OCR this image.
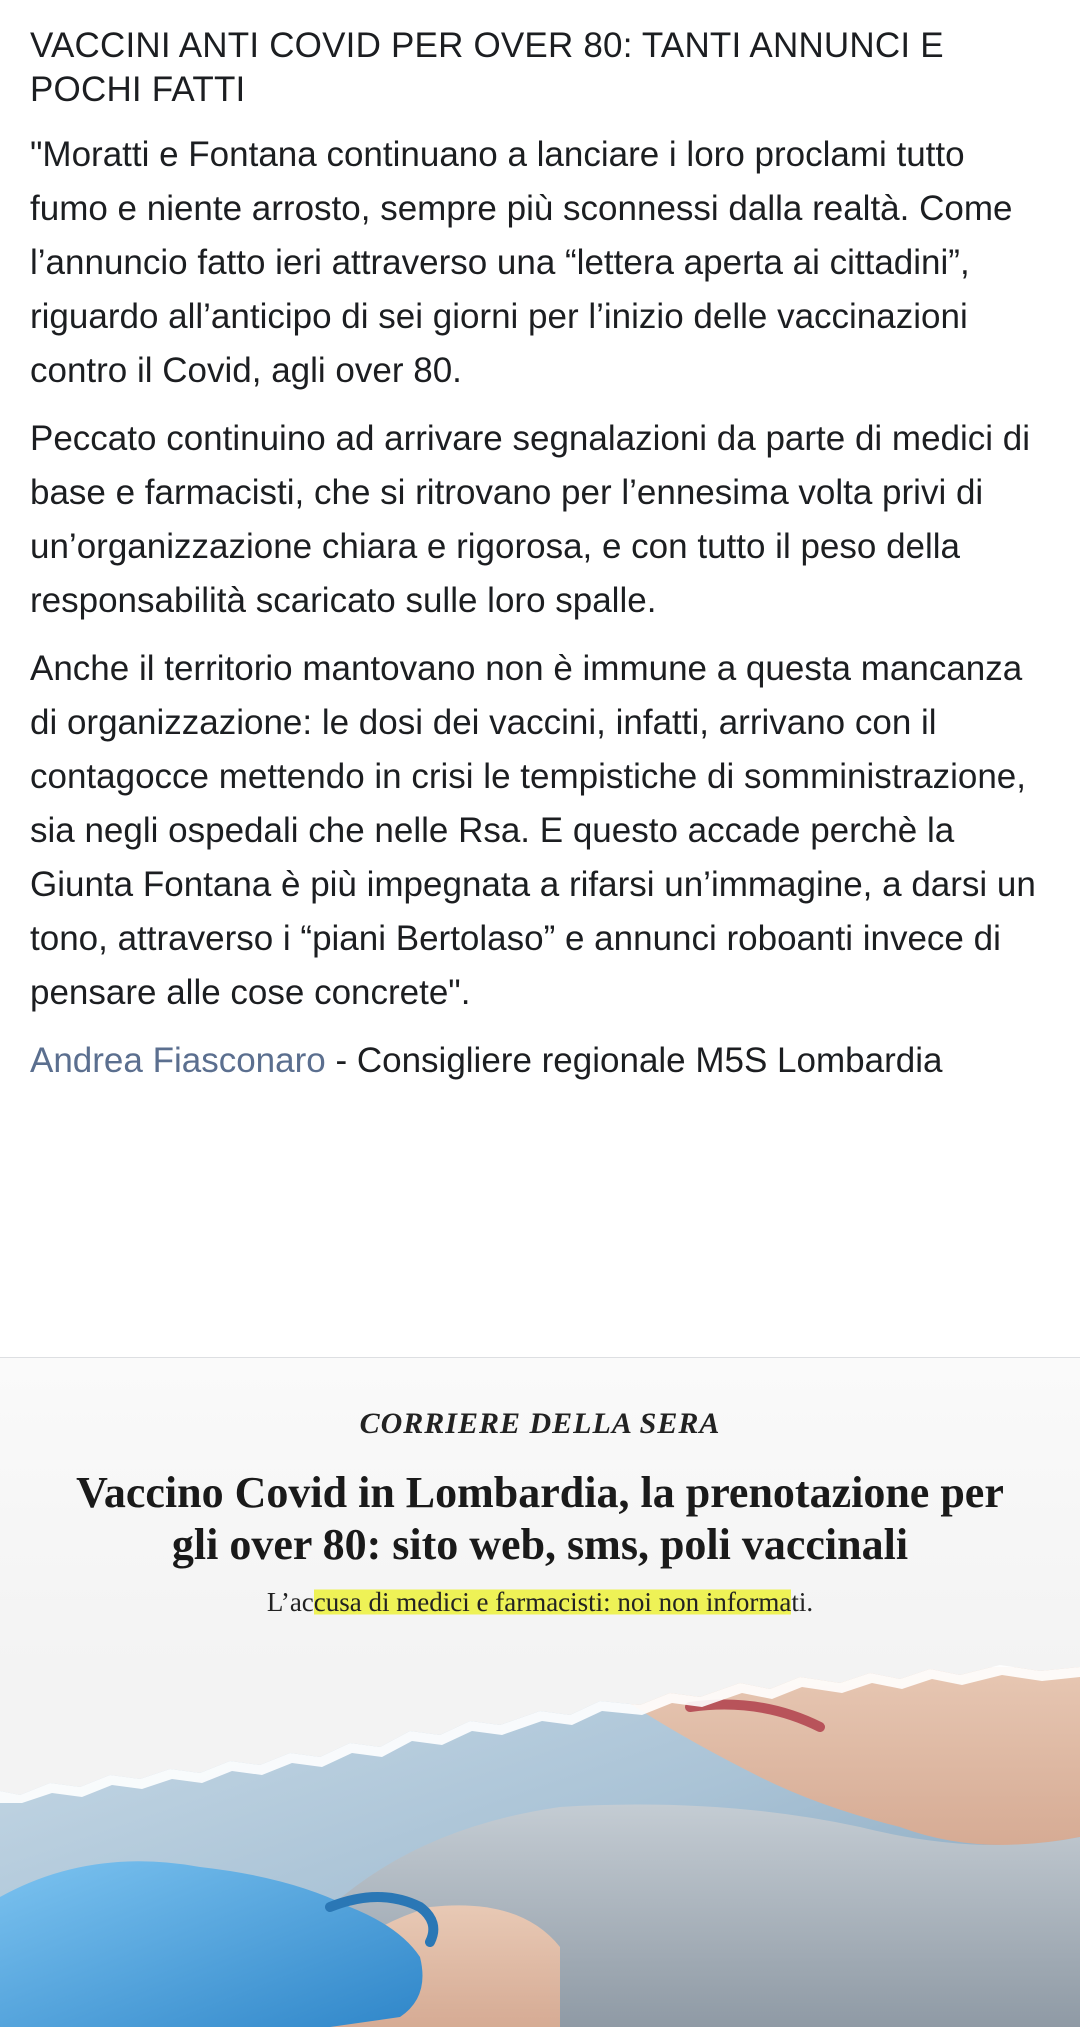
VACCINI ANTI COVID PER OVER 80: TANTI ANNUNCI E POCHI FATTI

"Moratti e Fontana continuano a lanciare i loro proclami tutto fumo e niente arrosto, sempre più sconnessi dalla realtà. Come l’annuncio fatto ieri attraverso una “lettera aperta ai cittadini”, riguardo all’anticipo di sei giorni per l’inizio delle vaccinazioni contro il Covid, agli over 80.

Peccato continuino ad arrivare segnalazioni da parte di medici di base e farmacisti, che si ritrovano per l’ennesima volta privi di un’organizzazione chiara e rigorosa, e con tutto il peso della responsabilità scaricato sulle loro spalle.

Anche il territorio mantovano non è immune a questa mancanza di organizzazione: le dosi dei vaccini, infatti, arrivano con il contagocce mettendo in crisi le tempistiche di somministrazione, sia negli ospedali che nelle Rsa. E questo accade perchè la Giunta Fontana è più impegnata a rifarsi un’immagine, a darsi un tono, attraverso i “piani Bertolaso” e annunci roboanti invece di pensare alle cose concrete".

Andrea Fiasconaro - Consigliere regionale M5S Lombardia

CORRIERE DELLA SERA
Vaccino Covid in Lombardia, la prenotazione per gli over 80: sito web, sms, poli vaccinali
L’accusa di medici e farmacisti: noi non informati.
